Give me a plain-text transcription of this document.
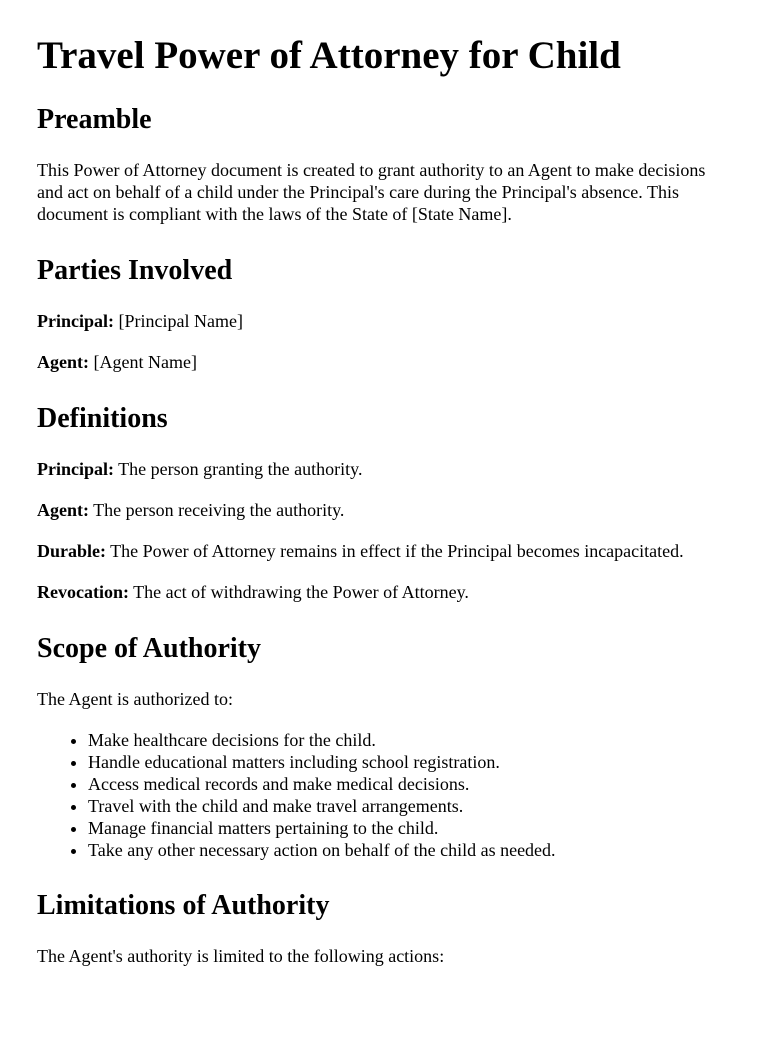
Travel Power of Attorney for Child
Preamble

This Power of Attorney document is created to grant authority to an Agent to make decisions and act on behalf of a child under the Principal's care during the Principal's absence. This document is compliant with the laws of the State of [State Name].

Parties Involved

Principal: [Principal Name]

Agent: [Agent Name]

Definitions

Principal: The person granting the authority.

Agent: The person receiving the authority.

Durable: The Power of Attorney remains in effect if the Principal becomes incapacitated.

Revocation: The act of withdrawing the Power of Attorney.

Scope of Authority

The Agent is authorized to:

• Make healthcare decisions for the child.
• Handle educational matters including school registration.
• Access medical records and make medical decisions.
• Travel with the child and make travel arrangements.
• Manage financial matters pertaining to the child.
• Take any other necessary action on behalf of the child as needed.
Limitations of Authority

The Agent's authority is limited to the following actions:
